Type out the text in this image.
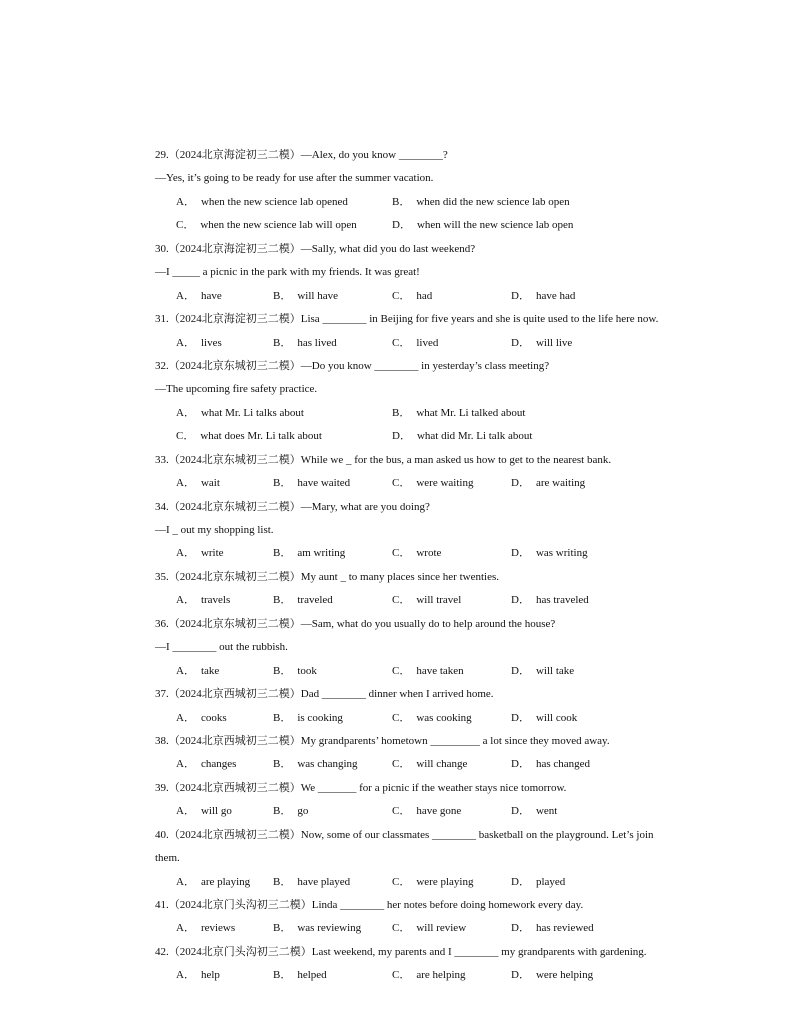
29.（2024北京海淀初三二模）—Alex, do you know ________?
—Yes, it’s going to be ready for use after the summer vacation.
A． when the new science lab opened	B． when did the new science lab open
C． when the new science lab will open	D． when will the new science lab open
30.（2024北京海淀初三二模）—Sally, what did you do last weekend?
—I _____ a picnic in the park with my friends. It was great!
A． have	B． will have	C． had	D． have had
31.（2024北京海淀初三二模）Lisa ________ in Beijing for five years and she is quite used to the life here now.
A． lives	B． has lived	C． lived	D． will live
32.（2024北京东城初三二模）—Do you know ________ in yesterday’s class meeting?
—The upcoming fire safety practice.
A． what Mr. Li talks about	B． what Mr. Li talked about
C． what does Mr. Li talk about	D． what did Mr. Li talk about
33.（2024北京东城初三二模）While we _ for the bus, a man asked us how to get to the nearest bank.
A． wait	B． have waited	C． were waiting	D． are waiting
34.（2024北京东城初三二模）—Mary, what are you doing?
—I _ out my shopping list.
A． write	B． am writing	C． wrote	D． was writing
35.（2024北京东城初三二模）My aunt _ to many places since her twenties.
A． travels	B． traveled	C． will travel	D． has traveled
36.（2024北京东城初三二模）—Sam, what do you usually do to help around the house?
—I ________ out the rubbish.
A． take	B． took	C． have taken	D． will take
37.（2024北京西城初三二模）Dad ________ dinner when I arrived home.
A． cooks	B． is cooking	C． was cooking	D． will cook
38.（2024北京西城初三二模）My grandparents’ hometown _________ a lot since they moved away.
A． changes	B． was changing	C． will change	D． has changed
39.（2024北京西城初三二模）We _______ for a picnic if the weather stays nice tomorrow.
A． will go	B． go	C． have gone	D． went
40.（2024北京西城初三二模）Now, some of our classmates ________ basketball on the playground. Let’s join
them.
A． are playing B． have played	C． were playing	D． played
41.（2024北京门头沟初三二模）Linda ________ her notes before doing homework every day.
A． reviews	B． was reviewing	C． will review	D． has reviewed
42.（2024北京门头沟初三二模）Last weekend, my parents and I ________ my grandparents with gardening.
A． help	B． helped	C． are helping	D． were helping
